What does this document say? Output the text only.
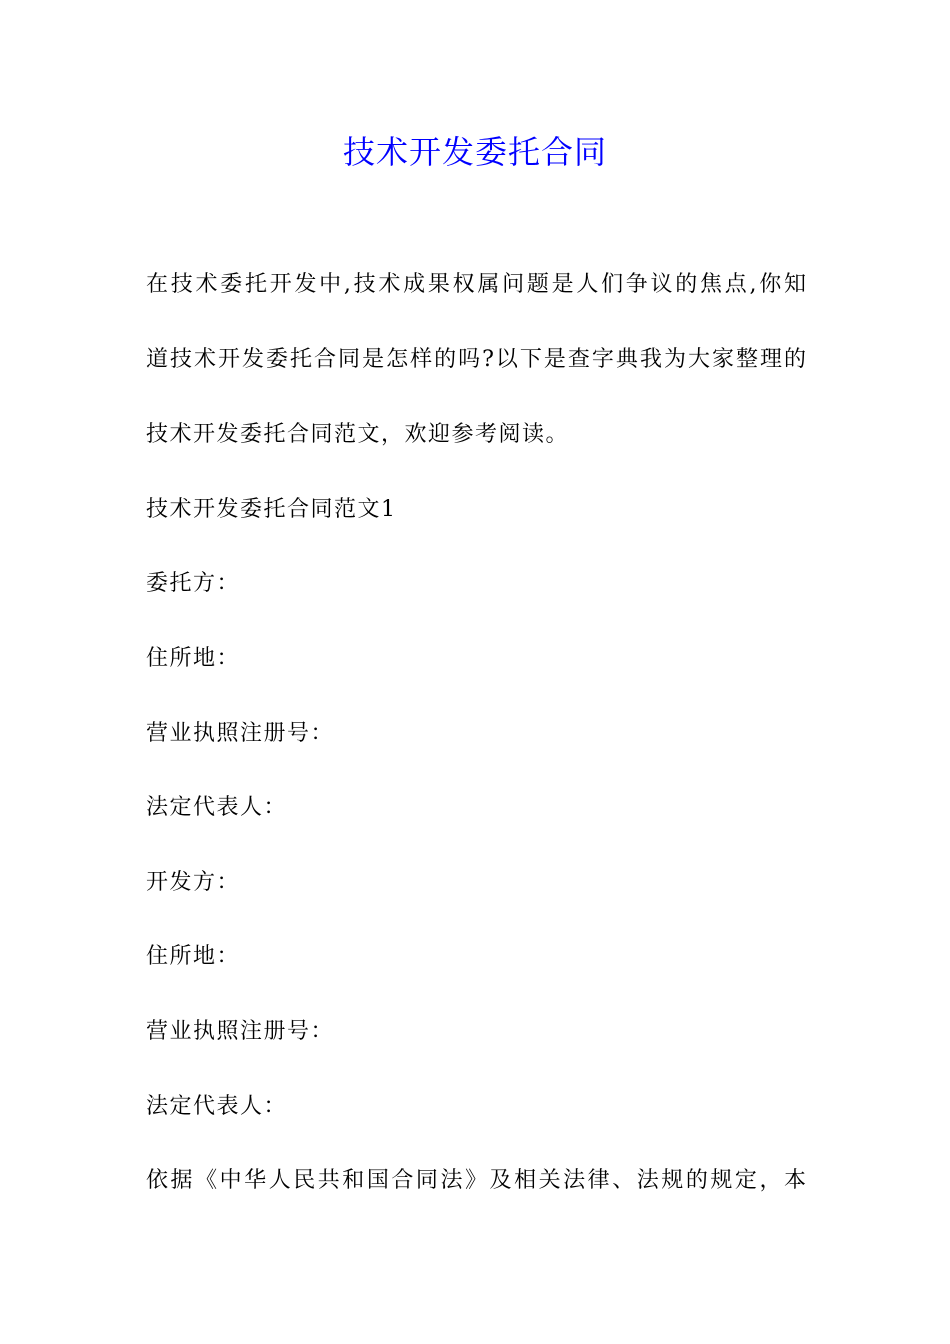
技术开发委托合同
在技术委托开发中,技术成果权属问题是人们争议的焦点,你知
道技术开发委托合同是怎样的吗?以下是查字典我为大家整理的
技术开发委托合同范文，欢迎参考阅读。
技术开发委托合同范文1
委托方：
住所地：
营业执照注册号：
法定代表人：
开发方：
住所地：
营业执照注册号：
法定代表人：
依据《中华人民共和国合同法》及相关法律、法规的规定，本
